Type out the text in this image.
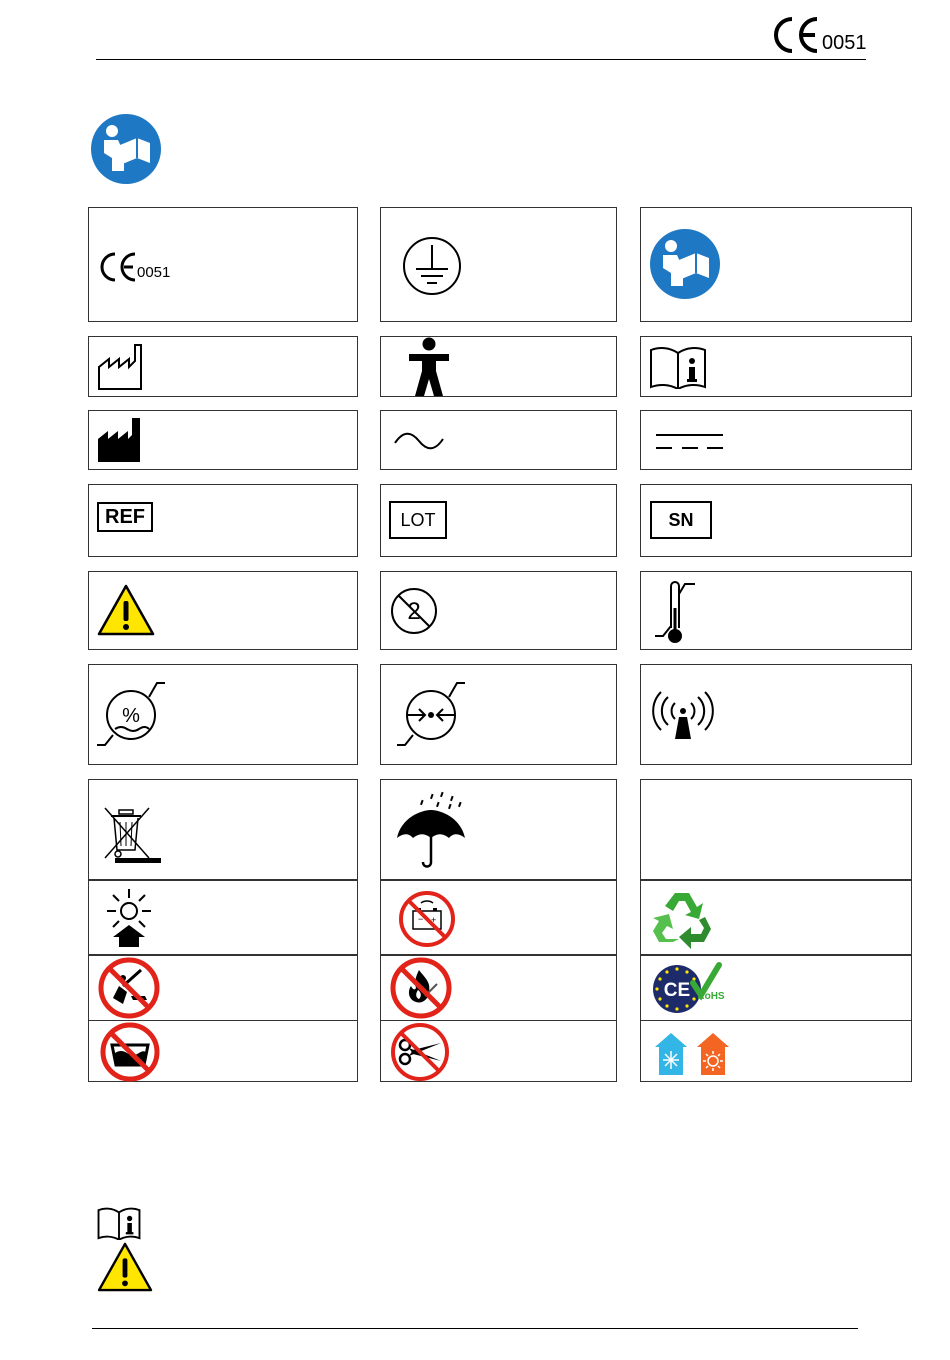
0051
0051
REF	LOT	SN
2
%
− +
CE RoHS
